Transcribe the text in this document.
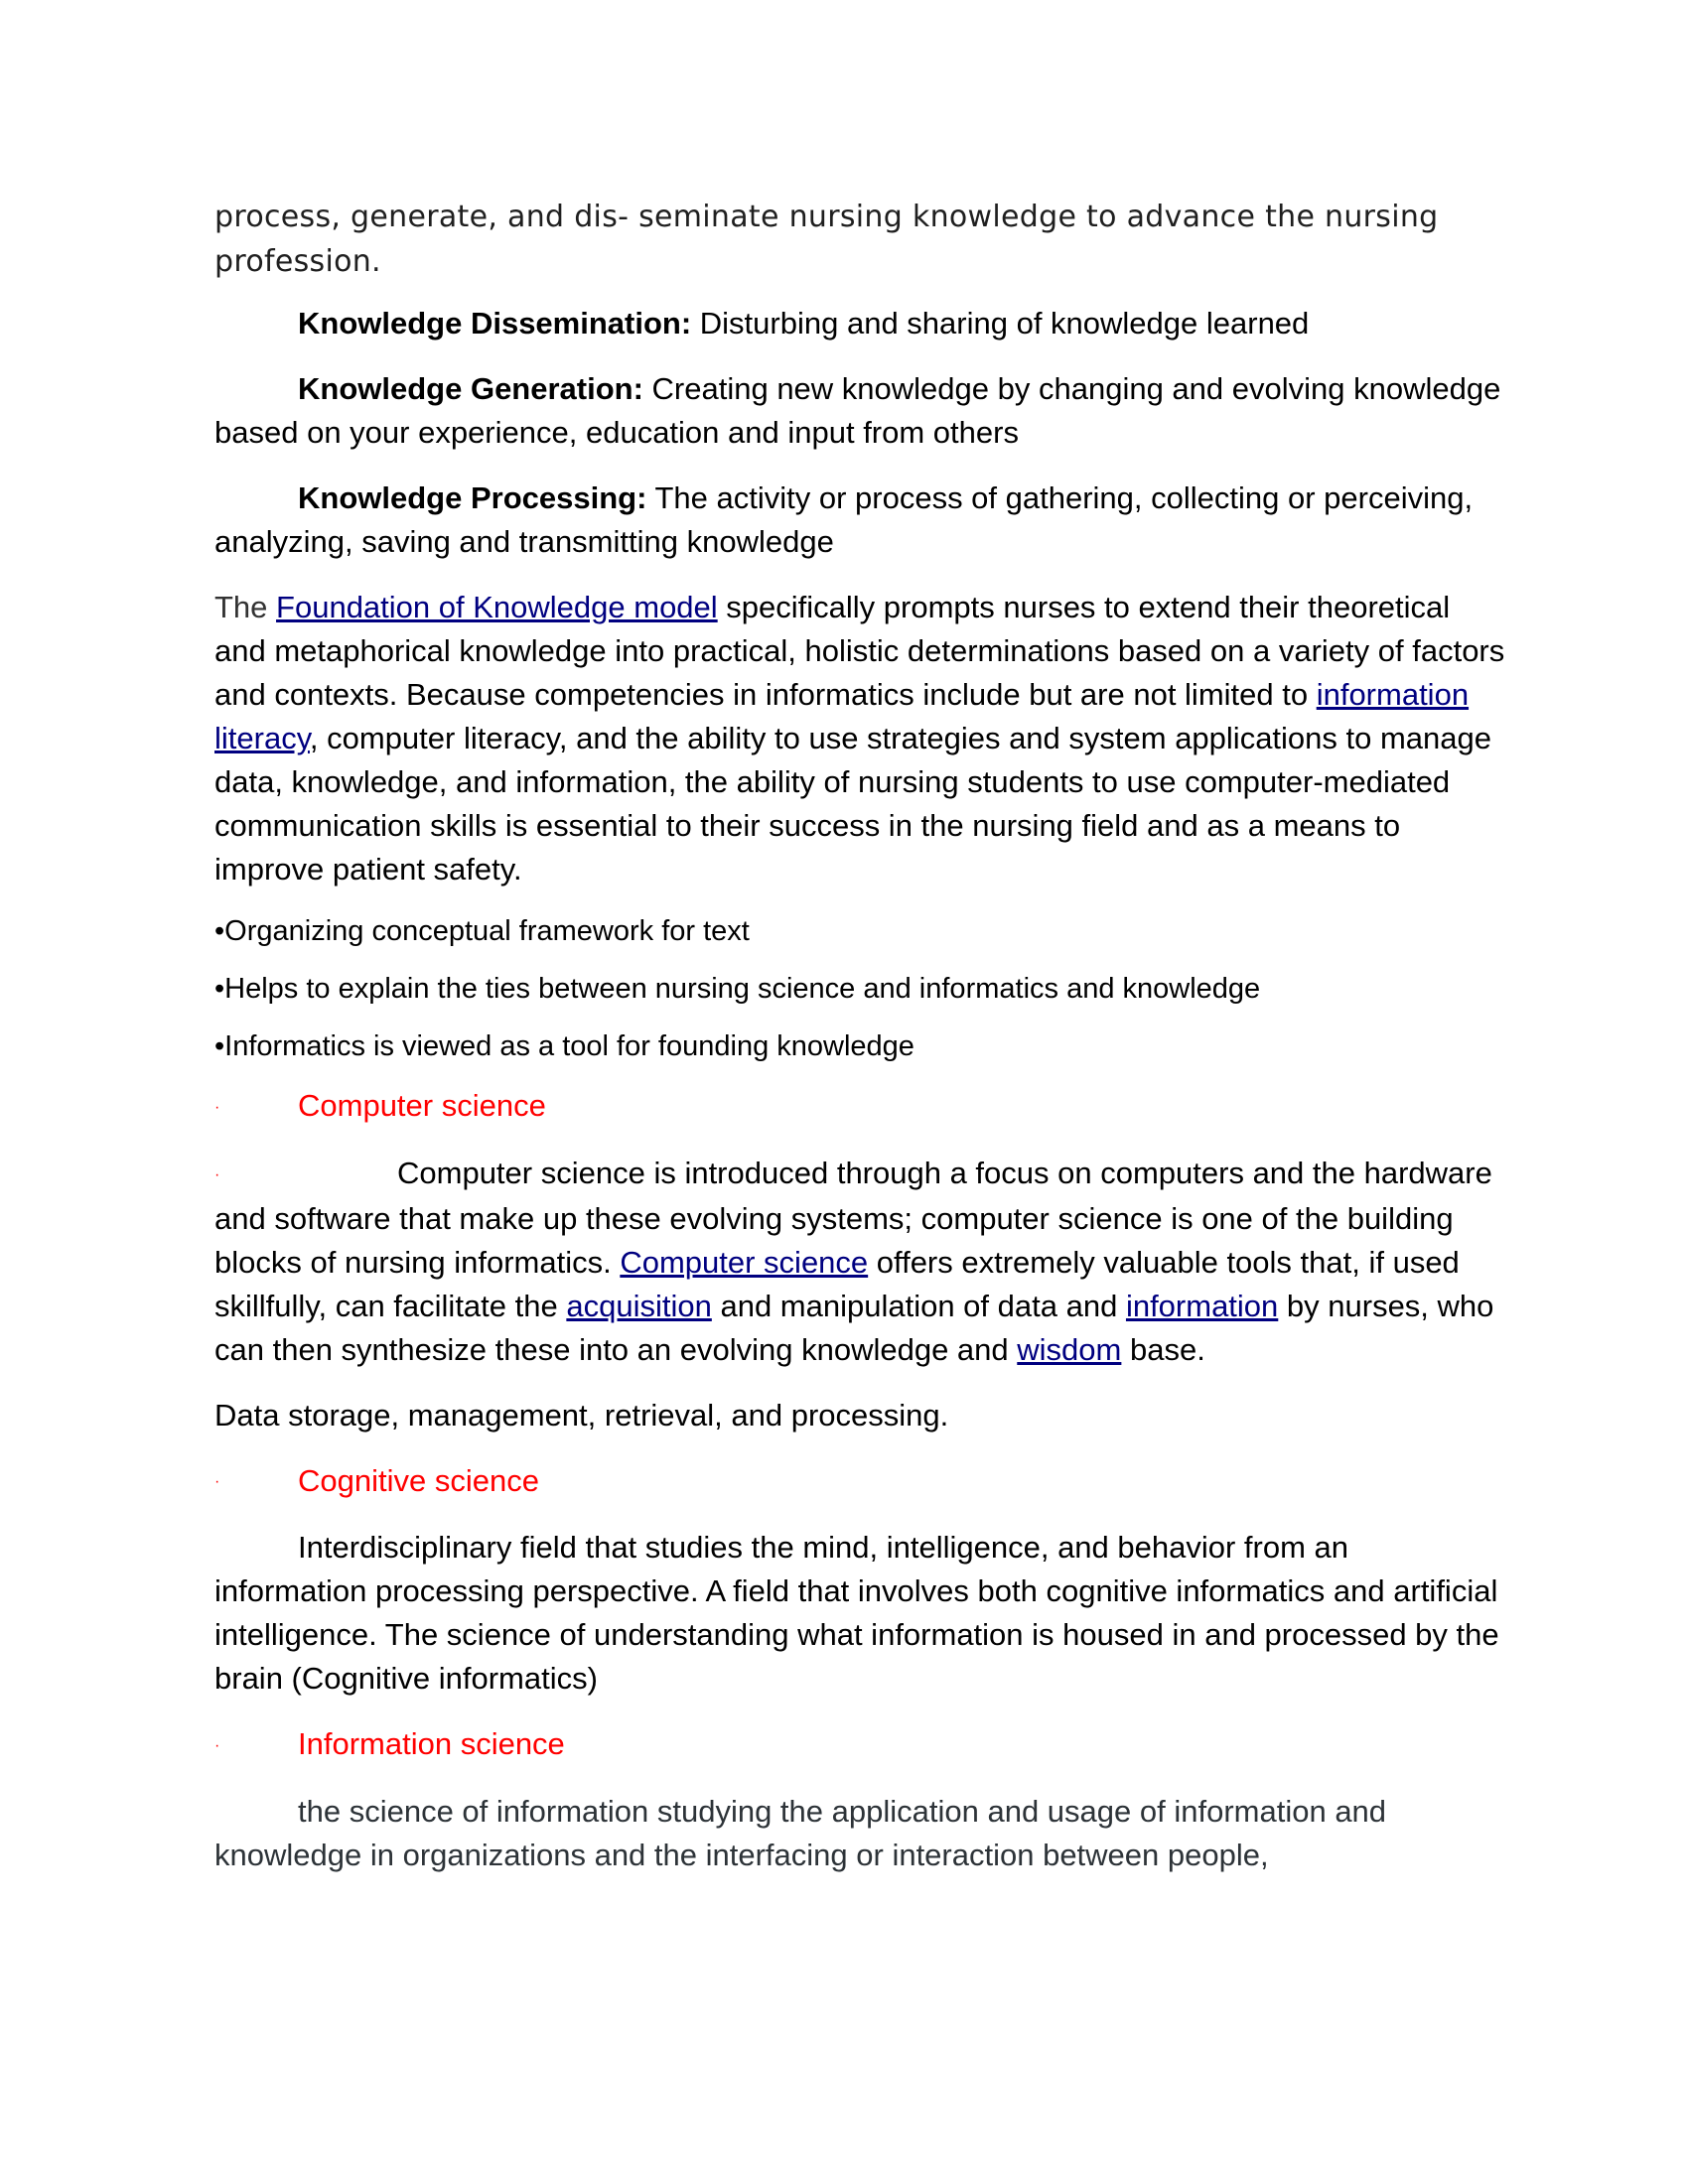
process, generate, and dis- seminate nursing knowledge to advance the nursing profession.

Knowledge Dissemination: Disturbing and sharing of knowledge learned

Knowledge Generation: Creating new knowledge by changing and evolving knowledge based on your experience, education and input from others

Knowledge Processing: The activity or process of gathering, collecting or perceiving, analyzing, saving and transmitting knowledge

The Foundation of Knowledge model specifically prompts nurses to extend their theoretical and metaphorical knowledge into practical, holistic determinations based on a variety of factors and contexts. Because competencies in informatics include but are not limited to information literacy, computer literacy, and the ability to use strategies and system applications to manage data, knowledge, and information, the ability of nursing students to use computer-mediated communication skills is essential to their success in the nursing field and as a means to improve patient safety.

•Organizing conceptual framework for text

•Helps to explain the ties between nursing science and informatics and knowledge

•Informatics is viewed as a tool for founding knowledge

·	Computer science

·	Computer science is introduced through a focus on computers and the hardware and software that make up these evolving systems; computer science is one of the building blocks of nursing informatics. Computer science offers extremely valuable tools that, if used skillfully, can facilitate the acquisition and manipulation of data and information by nurses, who can then synthesize these into an evolving knowledge and wisdom base.

Data storage, management, retrieval, and processing.

·	Cognitive science

Interdisciplinary field that studies the mind, intelligence, and behavior from an information processing perspective. A field that involves both cognitive informatics and artificial intelligence. The science of understanding what information is housed in and processed by the brain (Cognitive informatics)

·	Information science

the science of information studying the application and usage of information and knowledge in organizations and the interfacing or interaction between people,
